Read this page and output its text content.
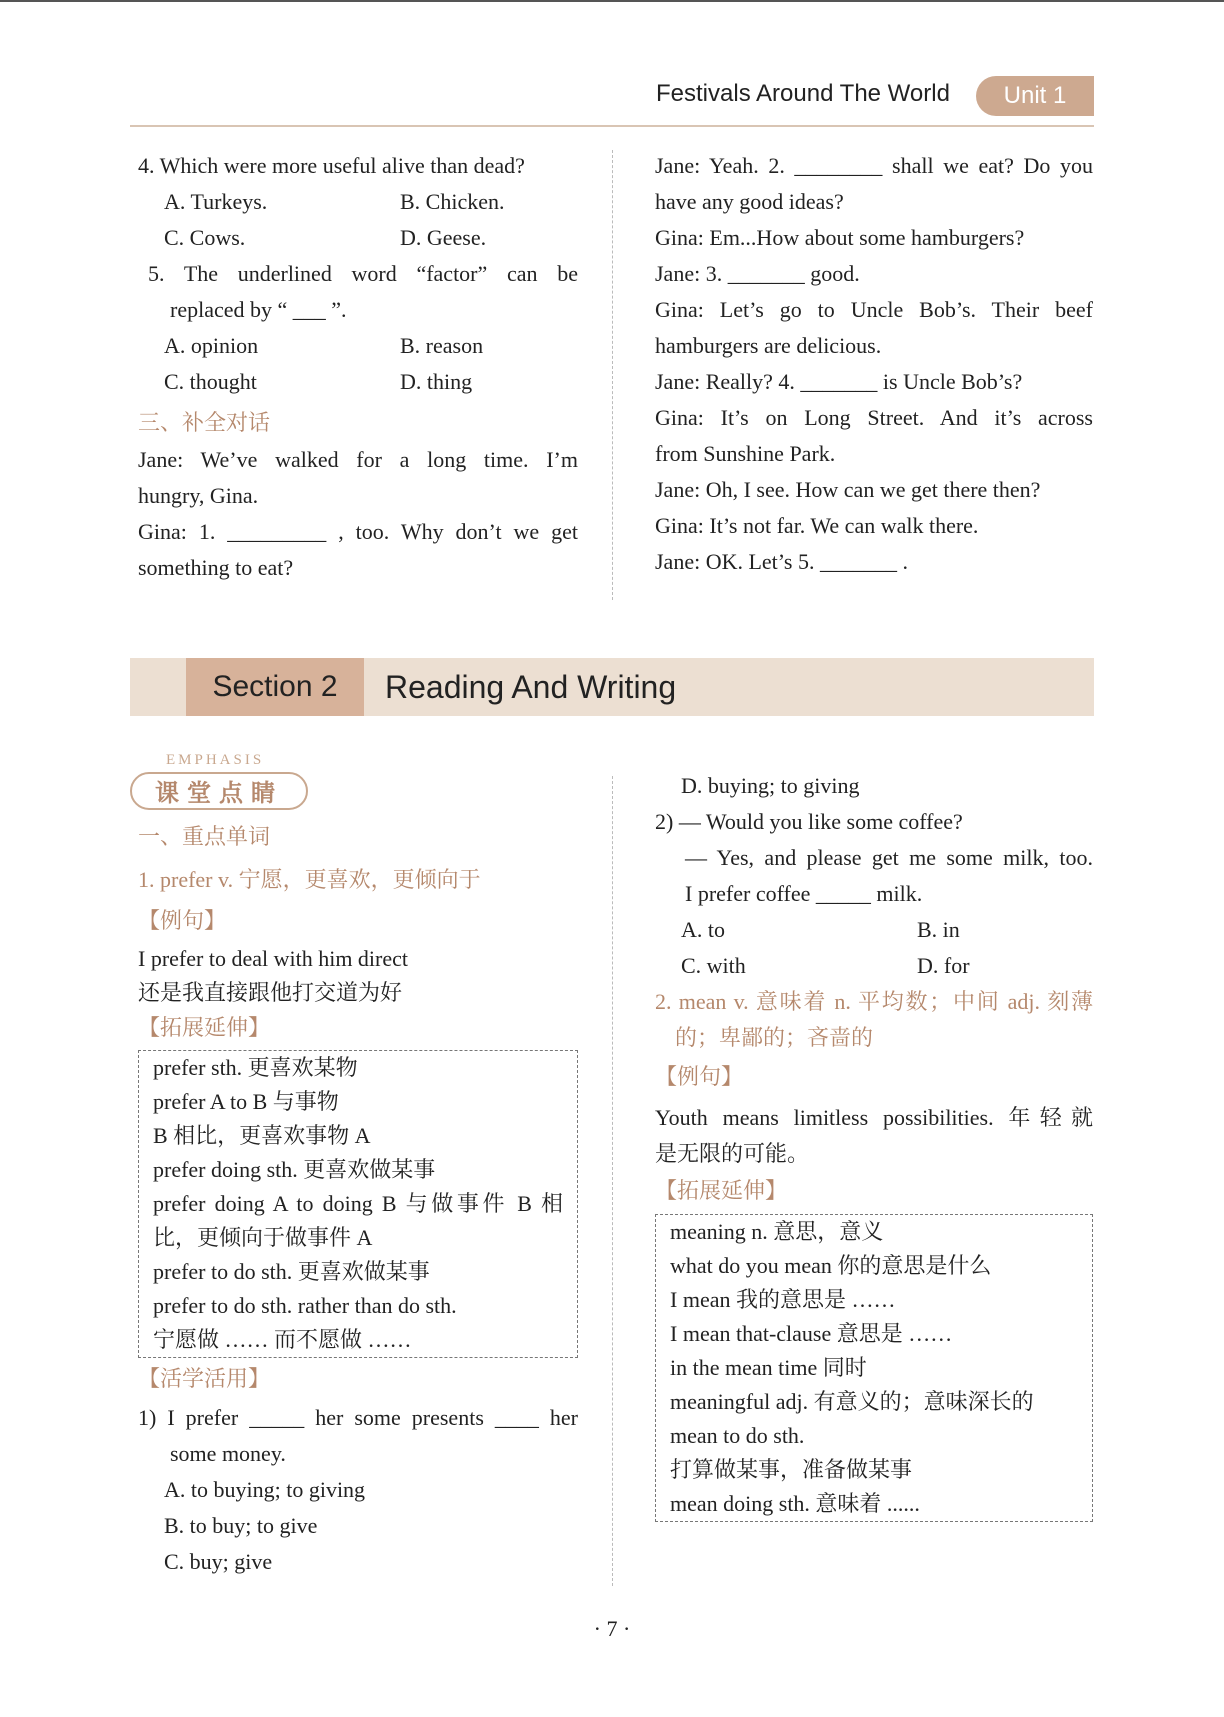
Festivals Around The World	Unit 1

4. Which were more useful alive than dead?

A. Turkeys.	B. Chicken.

C. Cows.	D. Geese.

5. The underlined word “factor” can be

replaced by “ ___ ”.

A. opinion	B. reason

C. thought	D. thing

三、补全对话

Jane: We’ve walked for a long time. I’m

hungry, Gina.

Gina: 1. _________ , too. Why don’t we get

something to eat?

Jane: Yeah. 2. ________ shall we eat? Do you

have any good ideas?

Gina: Em...How about some hamburgers?

Jane: 3. _______ good.

Gina: Let’s go to Uncle Bob’s. Their beef

hamburgers are delicious.

Jane: Really? 4. _______ is Uncle Bob’s?

Gina: It’s on Long Street. And it’s across

from Sunshine Park.

Jane: Oh, I see. How can we get there then?

Gina: It’s not far. We can walk there.

Jane: OK. Let’s 5. _______ .

Section 2	Reading And Writing
EMPHASIS
课堂点睛

一、重点单词

1. prefer v. 宁愿，更喜欢，更倾向于

【例句】

I prefer to deal with him direct

还是我直接跟他打交道为好

【拓展延伸】

prefer sth. 更喜欢某物

prefer A to B 与事物

B 相比，更喜欢事物 A

prefer doing sth. 更喜欢做某事

prefer doing A to doing B 与做事件 B 相

比，更倾向于做事件 A

prefer to do sth. 更喜欢做某事

prefer to do sth. rather than do sth.

宁愿做 …… 而不愿做 ……

【活学活用】

1) I prefer _____ her some presents ____ her

some money.

A. to buying; to giving

B. to buy; to give

C. buy; give

D. buying; to giving

2) — Would you like some coffee?

— Yes, and please get me some milk, too.

I prefer coffee _____ milk.

A. to	B. in

C. with	D. for

2. mean v. 意味着 n. 平均数；中间 adj. 刻薄

的；卑鄙的；吝啬的

【例句】

Youth means limitless possibilities. 年轻就

是无限的可能。

【拓展延伸】

meaning n. 意思，意义

what do you mean 你的意思是什么

I mean 我的意思是 ……

I mean that-clause 意思是 ……

in the mean time 同时

meaningful adj. 有意义的；意味深长的

mean to do sth.

打算做某事，准备做某事

mean doing sth. 意味着 ......

· 7 ·
